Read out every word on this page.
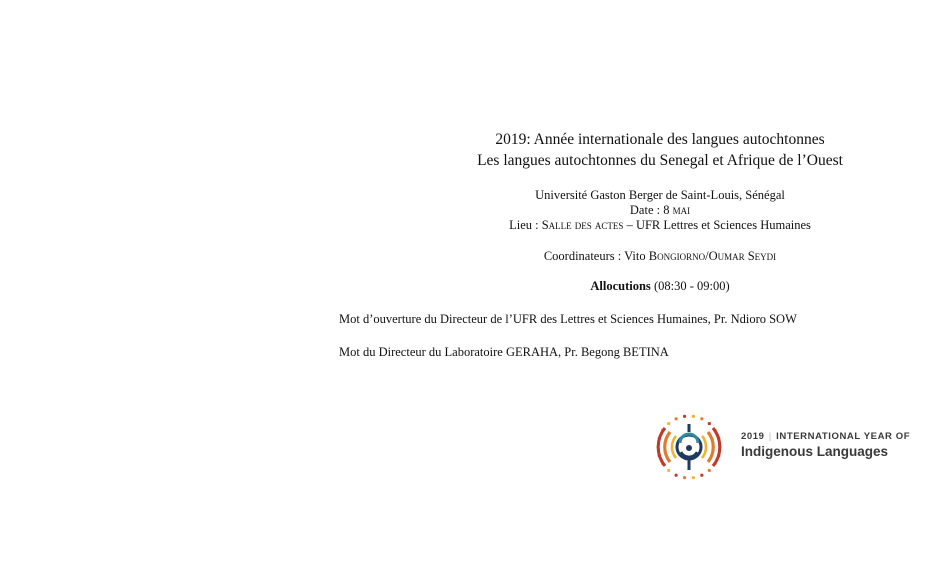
2019: Année internationale des langues autochtonnes
Les langues autochtonnes du Senegal et Afrique de l’Ouest
Université Gaston Berger de Saint-Louis, Sénégal
Date : 8 mai
Lieu : Salle des actes – UFR Lettres et Sciences Humaines
Coordinateurs : Vito Bongiorno/Oumar Seydi
Allocutions (08:30 - 09:00)
Mot d’ouverture du Directeur de l’UFR des Lettres et Sciences Humaines, Pr. Ndioro SOW
Mot du Directeur du Laboratoire GERAHA, Pr. Begong BETINA
2019 | INTERNATIONAL YEAR OF
Indigenous Languages
